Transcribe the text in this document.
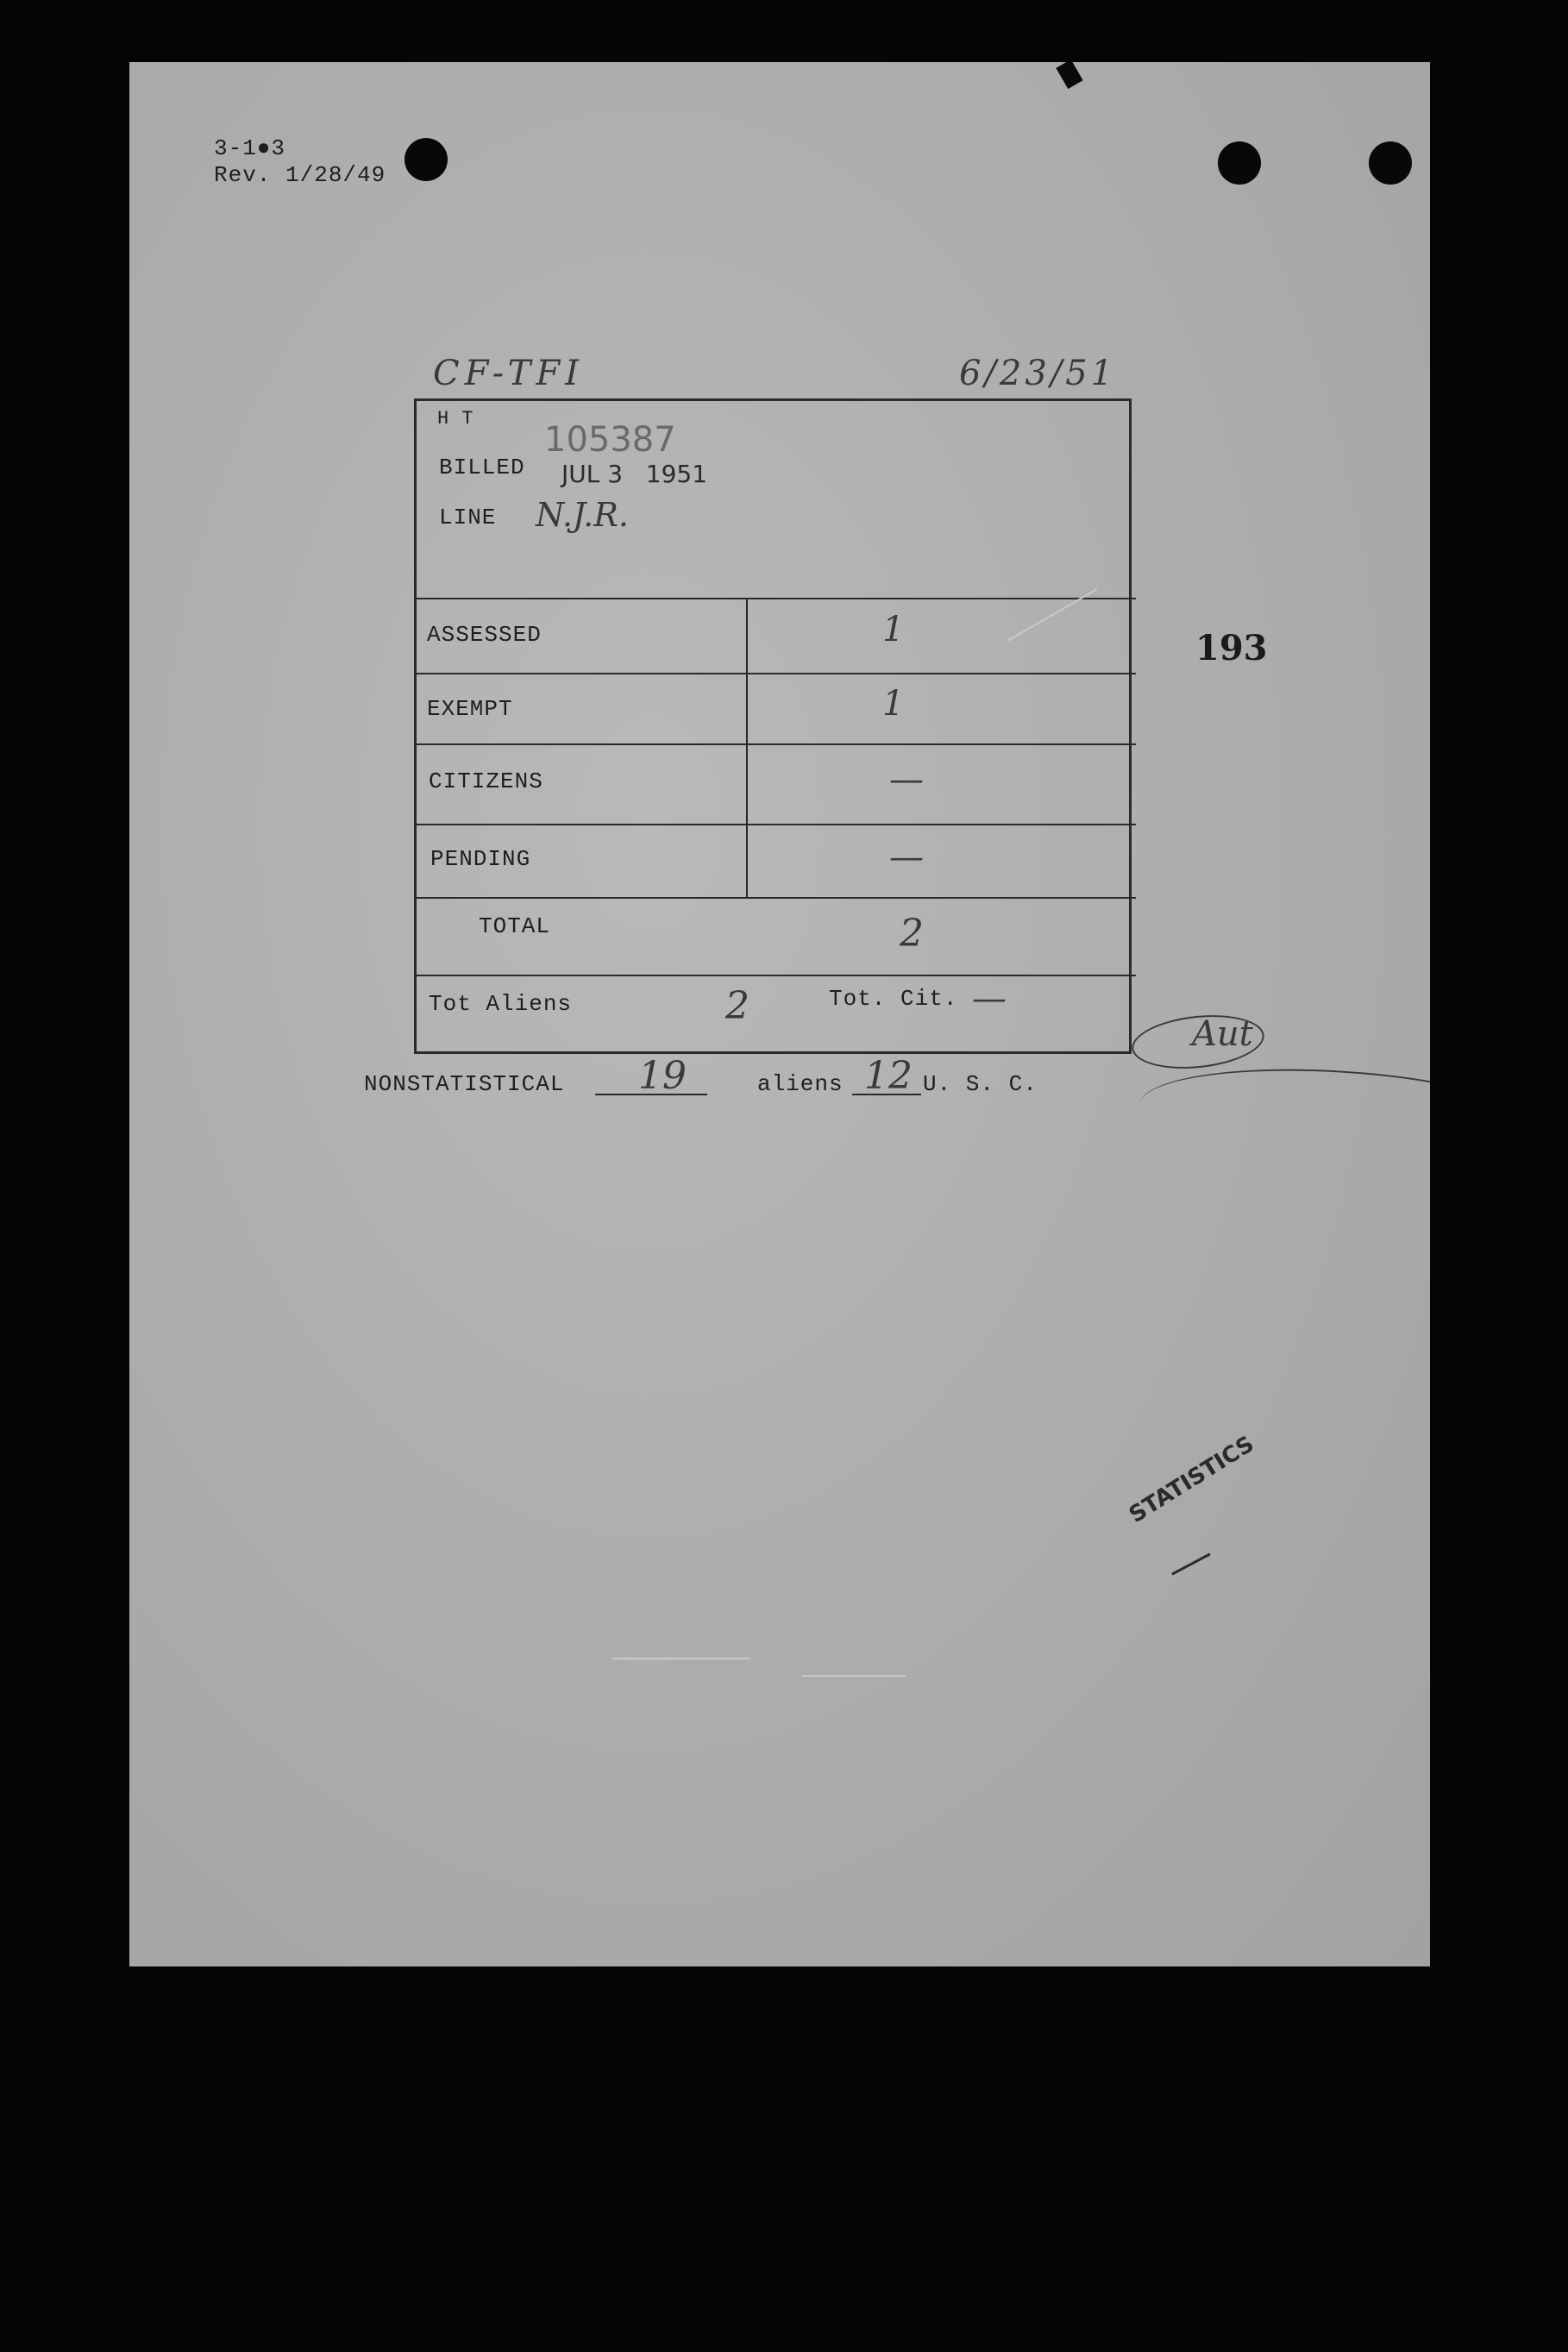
3-1●3
Rev. 1/28/49
CF-TFI	6/23/51
H T
105387
BILLED JUL 3   1951
LINE N.J.R.
ASSESSED	1
EXEMPT	1
CITIZENS	—
PENDING	—
TOTAL	2
Tot Aliens	2	Tot. Cit. —
193
NONSTATISTICAL 19	aliens 12 U. S. C.
Aut
STATISTICS
